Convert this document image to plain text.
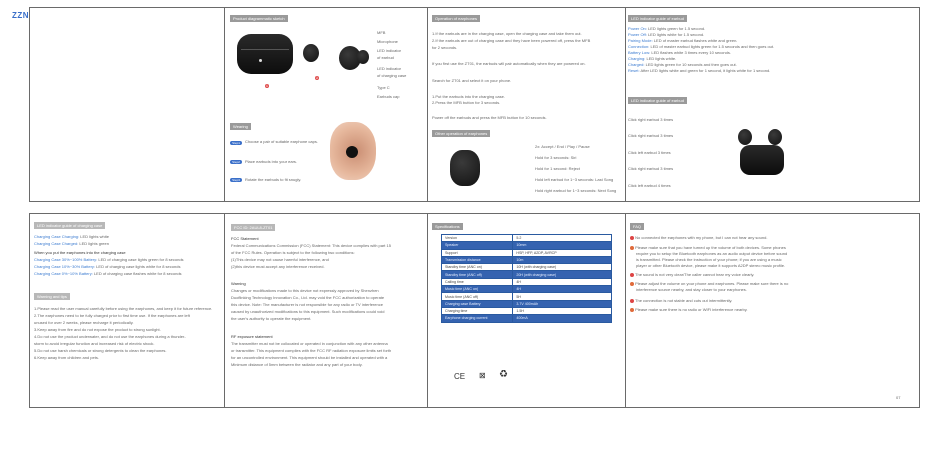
ZZN	Product diagrammatic sketch
①
②
MFB
Microphone
LED indicator
of earbud
LED indicator
of charging case
Type C
Earbuds cap
Wearing
Step1	Choose a pair of suitable earphone caps.
Step2	Place earbuds into your ears.
Step3	Rotate the earbuds to fit snugly.
Operation of earphones
1.If the earbuds are in the charging case, open the charging case and take them out.
2.If the earbuds are out of charging case and they have been powered off, press the MFB
for 2 seconds.
If you first use the ZT01, the earbuds will pair automatically when they are powered on.
Search for ZT01 and select it on your phone.
1.Put the earbuds into the charging case.
2.Press the MFB button for 3 seconds.
Power off the earbuds and press the MFB button for 10 seconds.
Other operation of earphones
2x: Accept / End / Play / Pause
Hold for 3 seconds: Siri
Hold for 1 second: Reject
Hold left earbud for 1~3 seconds: Last Song
Hold right earbud for 1~3 seconds: Next Song
LED indicator guide of earbud
Power On: LED lights green for 1.5 second.
Power Off: LED lights white for 1.5 second.
Pairing Mode: LED of master earbud flashes white and green.
Connection: LED of master earbud lights green for 1.5 seconds and then goes out.
Battery Low: LED flashes white 3 times every 10 seconds.
Charging: LED lights white.
Charged: LED lights green for 10 seconds and then goes out.
Reset: After LED lights white and green for 1 second, it lights white for 1 second.
LED indicator guide of earbud
Click right earbud 3 times
Click right earbud 3 times
Click left earbud 3 times
Click right earbud 3 times
Click left earbud 4 times
LED indicator guide of charging case
Charging Case Charging: LED lights white
Charging Case Charged: LED lights green
When you put the earphones into the charging case
Charging Case 30%~100% Battery: LED of charging case lights green for 8 seconds
Charging Case 10%~30% Battery: LED of charging case lights white for 8 seconds
Charging Case 0%~10% Battery: LED of charging case flashes white for 8 seconds
Warning and tips
1.Please read the user manual carefully before using the earphones, and keep it for future reference.
2.The earphones need to be fully charged prior to first time use. If the earphones are left
unused for over 2 weeks, please recharge it periodically.
3.Keep away from fire and do not expose the product to strong sunlight.
4.Do not use the product underwater, and do not use the earphones during a thunder-
storm to avoid irregular function and increased risk of electric shock.
5.Do not use harsh chemicals or strong detergents to clean the earphones.
6.Keep away from children and pets.
FCC ID: 2AUL8-ZT01
FCC Statement
Federal Communications Commission (FCC) Statement: This device complies with part 15
of the FCC Rules. Operation is subject to the following two conditions:
(1)This device may not cause harmful interference, and
(2)this device must accept any interference received.
Warning
Changes or modifications made to this device not expressly approved by Shenzhen
Duoflinking Technology Innovation Co., Ltd. may void the FCC authorization to operate
this device. Note: The manufacturer is not responsible for any radio or TV interference
caused by unauthorized modifications to this equipment. Such modifications could void
the user's authority to operate the equipment.
RF exposure statement
The transmitter must not be collocated or operated in conjunction with any other antenna
or transmitter. This equipment complies with the FCC RF radiation exposure limits set forth
for an uncontrolled environment. This equipment should be installed and operated with a
Minimum distance of 5mm between the radiator and any part of your body.
Specifications
Version	5.2
Speaker	10mm
Support	HSP, HFP, A2DP, AVRCP
Transmission distance	10m
Standby time (ANC on)	10H (with charging case)
Standby time (ANC off)	20H (with charging case)
Calling time	4H
Music time (ANC on)	4H
Music time (ANC off)	5H
Charging case Battery	3.7V 400mAh
Charging time	1.5H
Earphone charging current	400mA
CE ⊠ ♻
FAQ
No connected the earphones with my phone, but I can not hear any sound.
Please make sure that you have turned up the volume of both devices. Some phones
require you to setup the Bluetooth earphones as an audio output device before sound
is transmitted. Please check the instruction of your phone; if you are using a music
player or other Bluetooth device, please make it supports A2DP stereo music profile.
The sound is not very clear/The caller cannot hear my voice clearly.
Please adjust the volume on your phone and earphones. Please make sure there is no
interference source nearby, and stay closer to your earphones.
The connection is not stable and cuts out intermittently.
Please make sure there is no radio or WIFI interference nearby.
07
